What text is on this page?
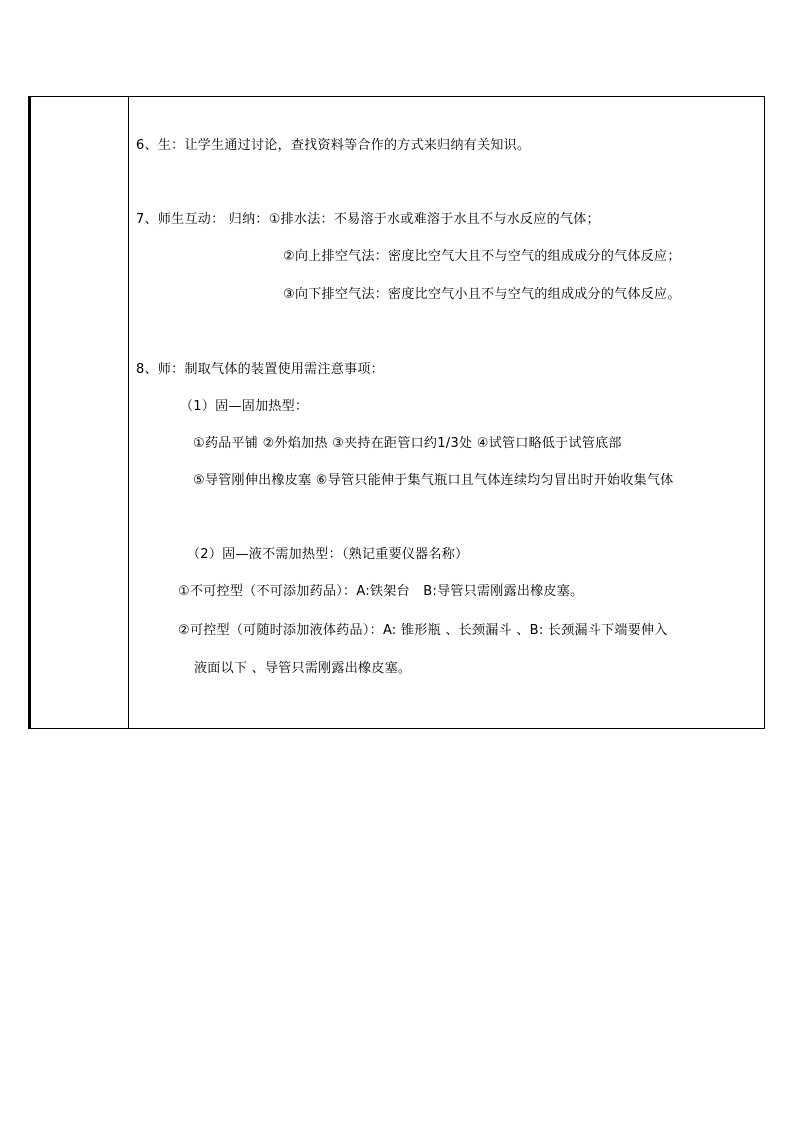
6、生：让学生通过讨论，查找资料等合作的方式来归纳有关知识。
7、师生互动： 归纳：①排水法：不易溶于水或难溶于水且不与水反应的气体；
②向上排空气法：密度比空气大且不与空气的组成成分的气体反应；
③向下排空气法：密度比空气小且不与空气的组成成分的气体反应。
8、师：制取气体的装置使用需注意事项：
（1）固—固加热型：
①药品平铺 ②外焰加热 ③夹持在距管口约1/3处 ④试管口略低于试管底部
⑤导管刚伸出橡皮塞 ⑥导管只能伸于集气瓶口且气体连续均匀冒出时开始收集气体
（2）固—液不需加热型：（熟记重要仪器名称）
①不可控型（不可添加药品）：A:铁架台　B:导管只需刚露出橡皮塞。
②可控型（可随时添加液体药品）：A: 锥形瓶 、长颈漏斗 、B: 长颈漏斗下端要伸入
液面以下 、导管只需刚露出橡皮塞。
